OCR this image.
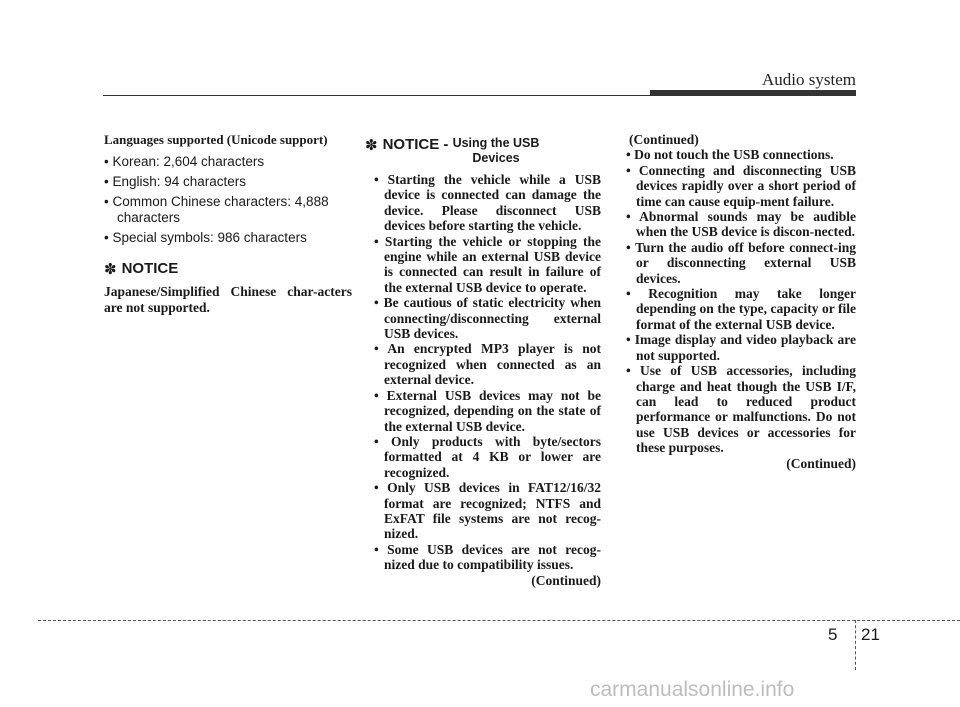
Audio system
Languages supported (Unicode support)
• Korean: 2,604 characters
• English: 94 characters
• Common Chinese characters: 4,888 characters
• Special symbols: 986 characters
✽ NOTICE

Japanese/Simplified Chinese char-acters are not supported.

✽ NOTICE - Using the USB
Devices
• Starting the vehicle while a USB device is connected can damage the device. Please disconnect USB devices before starting the vehicle.
• Starting the vehicle or stopping the engine while an external USB device is connected can result in failure of the external USB device to operate.
• Be cautious of static electricity when connecting/disconnecting external USB devices.
• An encrypted MP3 player is not recognized when connected as an external device.
• External USB devices may not be recognized, depending on the state of the external USB device.
• Only products with byte/sectors formatted at 4 KB or lower are recognized.
• Only USB devices in FAT12/16/32 format are recognized; NTFS and ExFAT file systems are not recog-nized.
• Some USB devices are not recog-nized due to compatibility issues.
(Continued)
(Continued)
• Do not touch the USB connections.
• Connecting and disconnecting USB devices rapidly over a short period of time can cause equip-ment failure.
• Abnormal sounds may be audible when the USB device is discon-nected.
• Turn the audio off before connect-ing or disconnecting external USB devices.
• Recognition may take longer depending on the type, capacity or file format of the external USB device.
• Image display and video playback are not supported.
• Use of USB accessories, including charge and heat though the USB I/F, can lead to reduced product performance or malfunctions. Do not use USB devices or accessories for these purposes.
(Continued)
5 21
carmanualsonline.info
